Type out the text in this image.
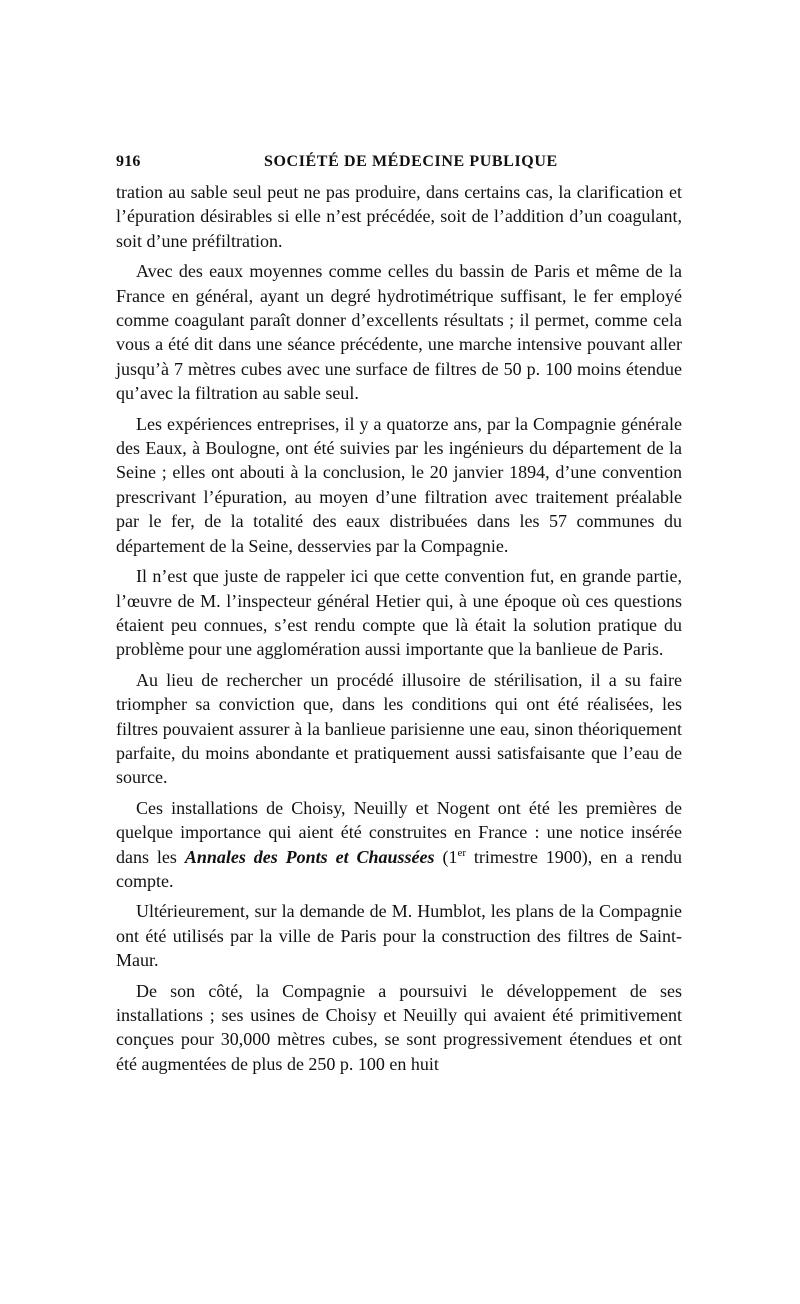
916	SOCIÉTÉ DE MÉDECINE PUBLIQUE

tration au sable seul peut ne pas produire, dans certains cas, la clarification et l’épuration désirables si elle n’est précédée, soit de l’addition d’un coagulant, soit d’une préfiltration.

Avec des eaux moyennes comme celles du bassin de Paris et même de la France en général, ayant un degré hydrotimétrique suffisant, le fer employé comme coagulant paraît donner d’excellents résultats ; il permet, comme cela vous a été dit dans une séance précédente, une marche intensive pouvant aller jusqu’à 7 mètres cubes avec une surface de filtres de 50 p. 100 moins étendue qu’avec la filtration au sable seul.

Les expériences entreprises, il y a quatorze ans, par la Compagnie générale des Eaux, à Boulogne, ont été suivies par les ingénieurs du département de la Seine ; elles ont abouti à la conclusion, le 20 janvier 1894, d’une convention prescrivant l’épuration, au moyen d’une filtration avec traitement préalable par le fer, de la totalité des eaux distribuées dans les 57 communes du département de la Seine, desservies par la Compagnie.

Il n’est que juste de rappeler ici que cette convention fut, en grande partie, l’œuvre de M. l’inspecteur général Hetier qui, à une époque où ces questions étaient peu connues, s’est rendu compte que là était la solution pratique du problème pour une agglomération aussi importante que la banlieue de Paris.

Au lieu de rechercher un procédé illusoire de stérilisation, il a su faire triompher sa conviction que, dans les conditions qui ont été réalisées, les filtres pouvaient assurer à la banlieue parisienne une eau, sinon théoriquement parfaite, du moins abondante et pratiquement aussi satisfaisante que l’eau de source.

Ces installations de Choisy, Neuilly et Nogent ont été les premières de quelque importance qui aient été construites en France : une notice insérée dans les Annales des Ponts et Chaussées (1er trimestre 1900), en a rendu compte.

Ultérieurement, sur la demande de M. Humblot, les plans de la Compagnie ont été utilisés par la ville de Paris pour la construction des filtres de Saint-Maur.

De son côté, la Compagnie a poursuivi le développement de ses installations ; ses usines de Choisy et Neuilly qui avaient été primitivement conçues pour 30,000 mètres cubes, se sont progressivement étendues et ont été augmentées de plus de 250 p. 100 en huit
